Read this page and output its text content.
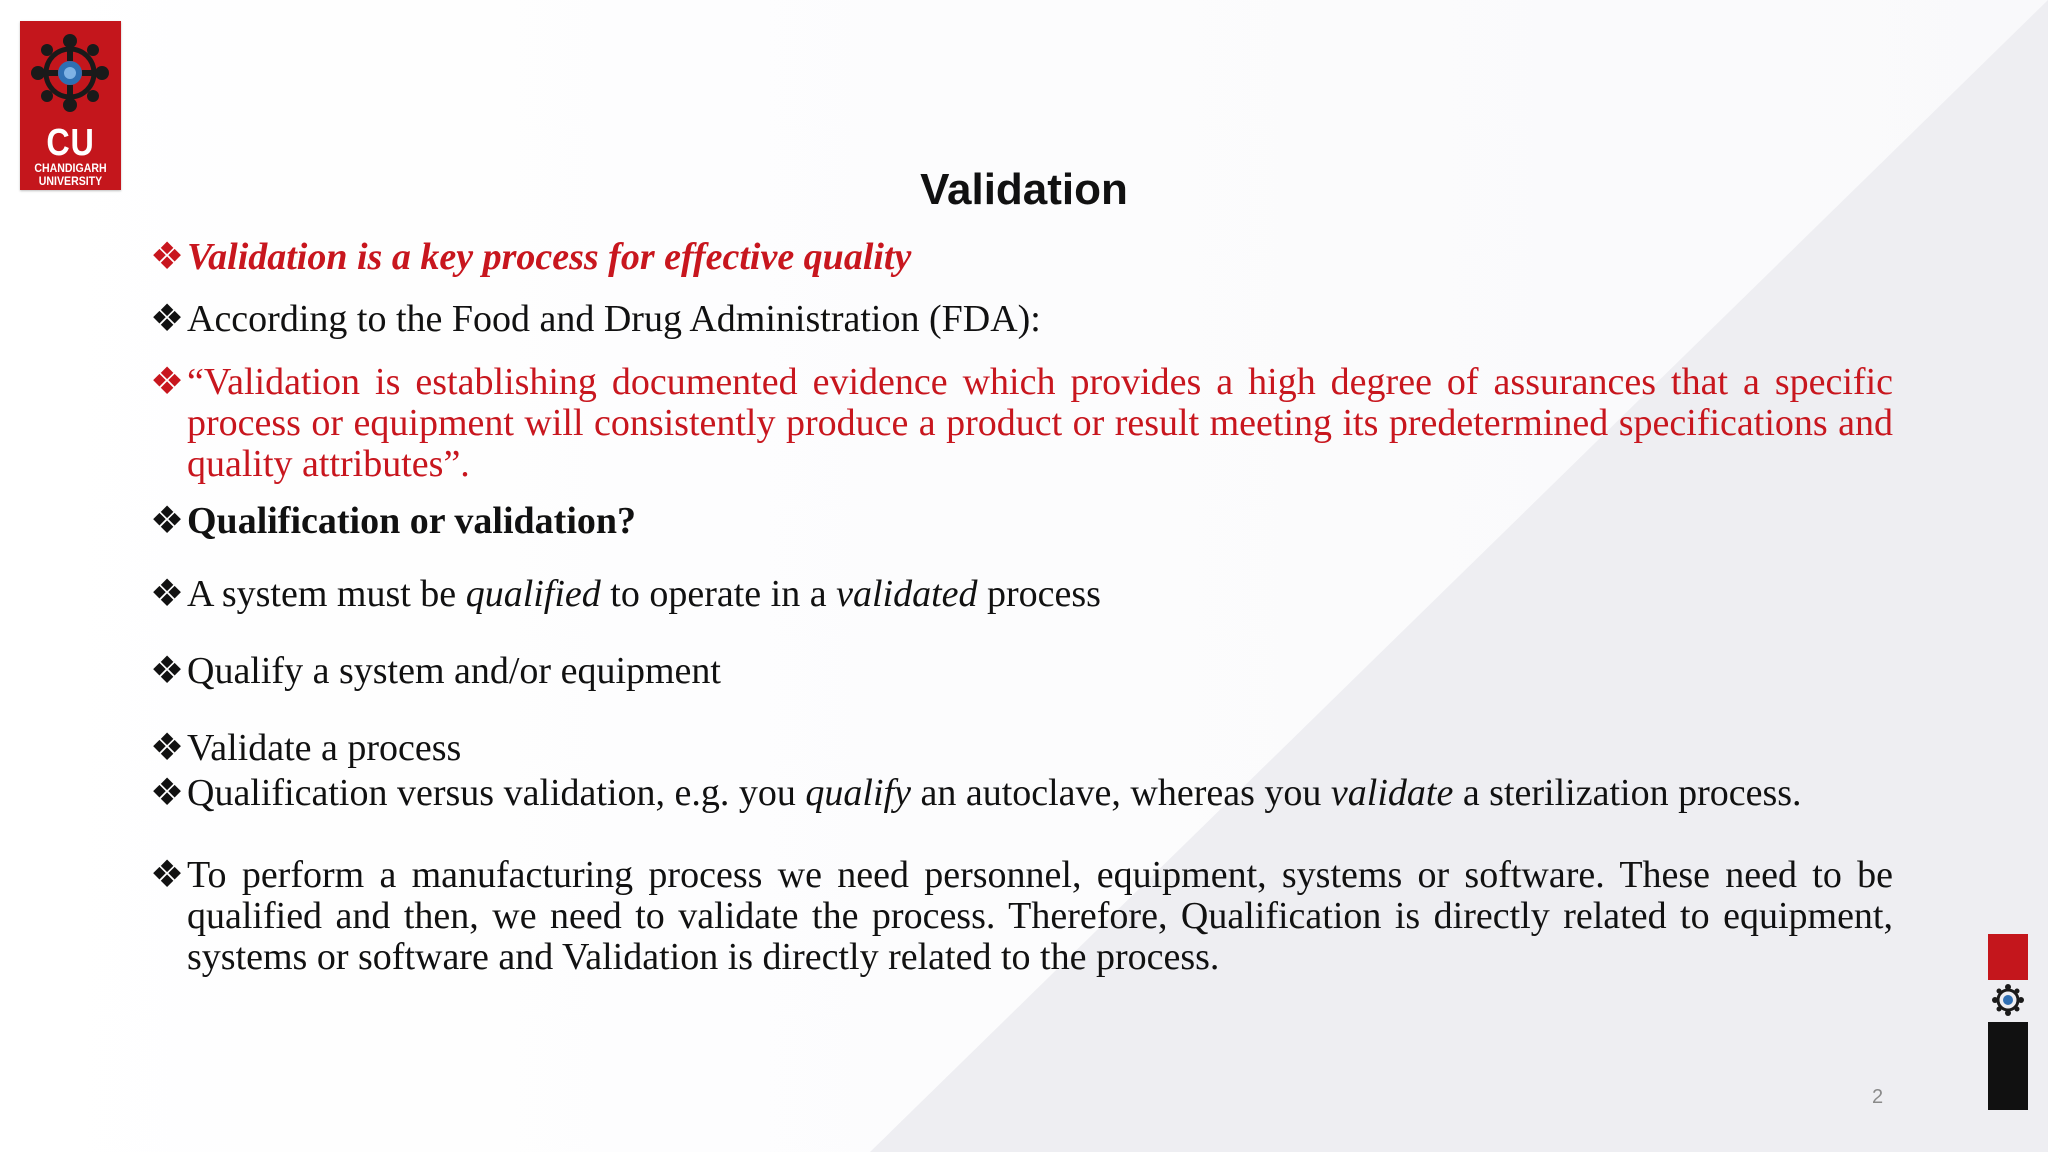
CU
CHANDIGARH
UNIVERSITY	Validation
❖ Validation is a key process for effective quality
❖ According to the Food and Drug Administration (FDA):
❖ “Validation is establishing documented evidence which provides a high degree of assurances that a specific process or equipment will consistently produce a product or result meeting its predetermined specifications and quality attributes”.
❖ Qualification or validation?
❖ A system must be qualified to operate in a validated process
❖ Qualify a system and/or equipment
❖ Validate a process
❖ Qualification versus validation, e.g. you qualify an autoclave, whereas you validate a sterilization process.
❖ To perform a manufacturing process we need personnel, equipment, systems or software. These need to be qualified and then, we need to validate the process. Therefore, Qualification is directly related to equipment, systems or software and Validation is directly related to the process.
2
